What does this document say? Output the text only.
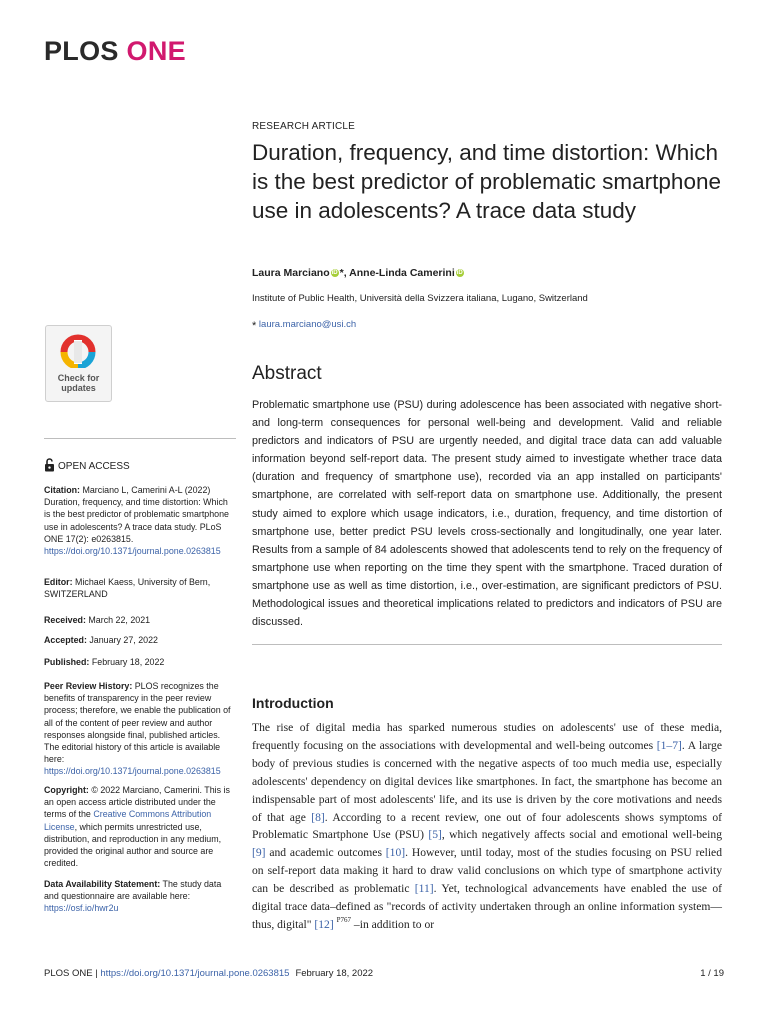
PLOS ONE
RESEARCH ARTICLE
Duration, frequency, and time distortion: Which is the best predictor of problematic smartphone use in adolescents? A trace data study
Laura Marciano iD *, Anne-Linda Camerini iD
Institute of Public Health, Università della Svizzera italiana, Lugano, Switzerland
* laura.marciano@usi.ch
Check for
updates
Abstract
Problematic smartphone use (PSU) during adolescence has been associated with negative short- and long-term consequences for personal well-being and development. Valid and reliable predictors and indicators of PSU are urgently needed, and digital trace data can add valuable information beyond self-report data. The present study aimed to investigate whether trace data (duration and frequency of smartphone use), recorded via an app installed on participants' smartphone, are correlated with self-report data on smartphone use. Additionally, the present study aimed to explore which usage indicators, i.e., duration, frequency, and time distortion of smartphone use, better predict PSU levels cross-sectionally and longitudinally, one year later. Results from a sample of 84 adolescents showed that adolescents tend to rely on the frequency of smartphone use when reporting on the time they spent with the smartphone. Traced duration of smartphone use as well as time distortion, i.e., over-estimation, are significant predictors of PSU. Methodological issues and theoretical implications related to predictors and indicators of PSU are discussed.
Introduction
The rise of digital media has sparked numerous studies on adolescents' use of these media, frequently focusing on the associations with developmental and well-being outcomes [1–7]. A large body of previous studies is concerned with the negative aspects of too much media use, especially adolescents' dependency on digital devices like smartphones. In fact, the smartphone has become an indispensable part of most adolescents' life, and its use is driven by the core motivations and needs of that age [8]. According to a recent review, one out of four adolescents shows symptoms of Problematic Smartphone Use (PSU) [5], which negatively affects social and emotional well-being [9] and academic outcomes [10]. However, until today, most of the studies focusing on PSU relied on self-report data making it hard to draw valid conclusions on which type of smartphone activity can be described as problematic [11]. Yet, technological advancements have enabled the use of digital trace data–defined as "records of activity undertaken through an online information system—thus, digital" [12] $^{P767}$ –in addition to or
OPEN ACCESS
Citation: Marciano L, Camerini A-L (2022) Duration, frequency, and time distortion: Which is the best predictor of problematic smartphone use in adolescents? A trace data study. PLoS ONE 17(2): e0263815. https://doi.org/10.1371/journal.pone.0263815
Editor: Michael Kaess, University of Bern, SWITZERLAND
Received: March 22, 2021
Accepted: January 27, 2022
Published: February 18, 2022
Peer Review History: PLOS recognizes the benefits of transparency in the peer review process; therefore, we enable the publication of all of the content of peer review and author responses alongside final, published articles. The editorial history of this article is available here: https://doi.org/10.1371/journal.pone.0263815
Copyright: © 2022 Marciano, Camerini. This is an open access article distributed under the terms of the Creative Commons Attribution License, which permits unrestricted use, distribution, and reproduction in any medium, provided the original author and source are credited.
Data Availability Statement: The study data and questionnaire are available here: https://osf.io/hwr2u
PLOS ONE | https://doi.org/10.1371/journal.pone.0263815 February 18, 2022	1 / 19
